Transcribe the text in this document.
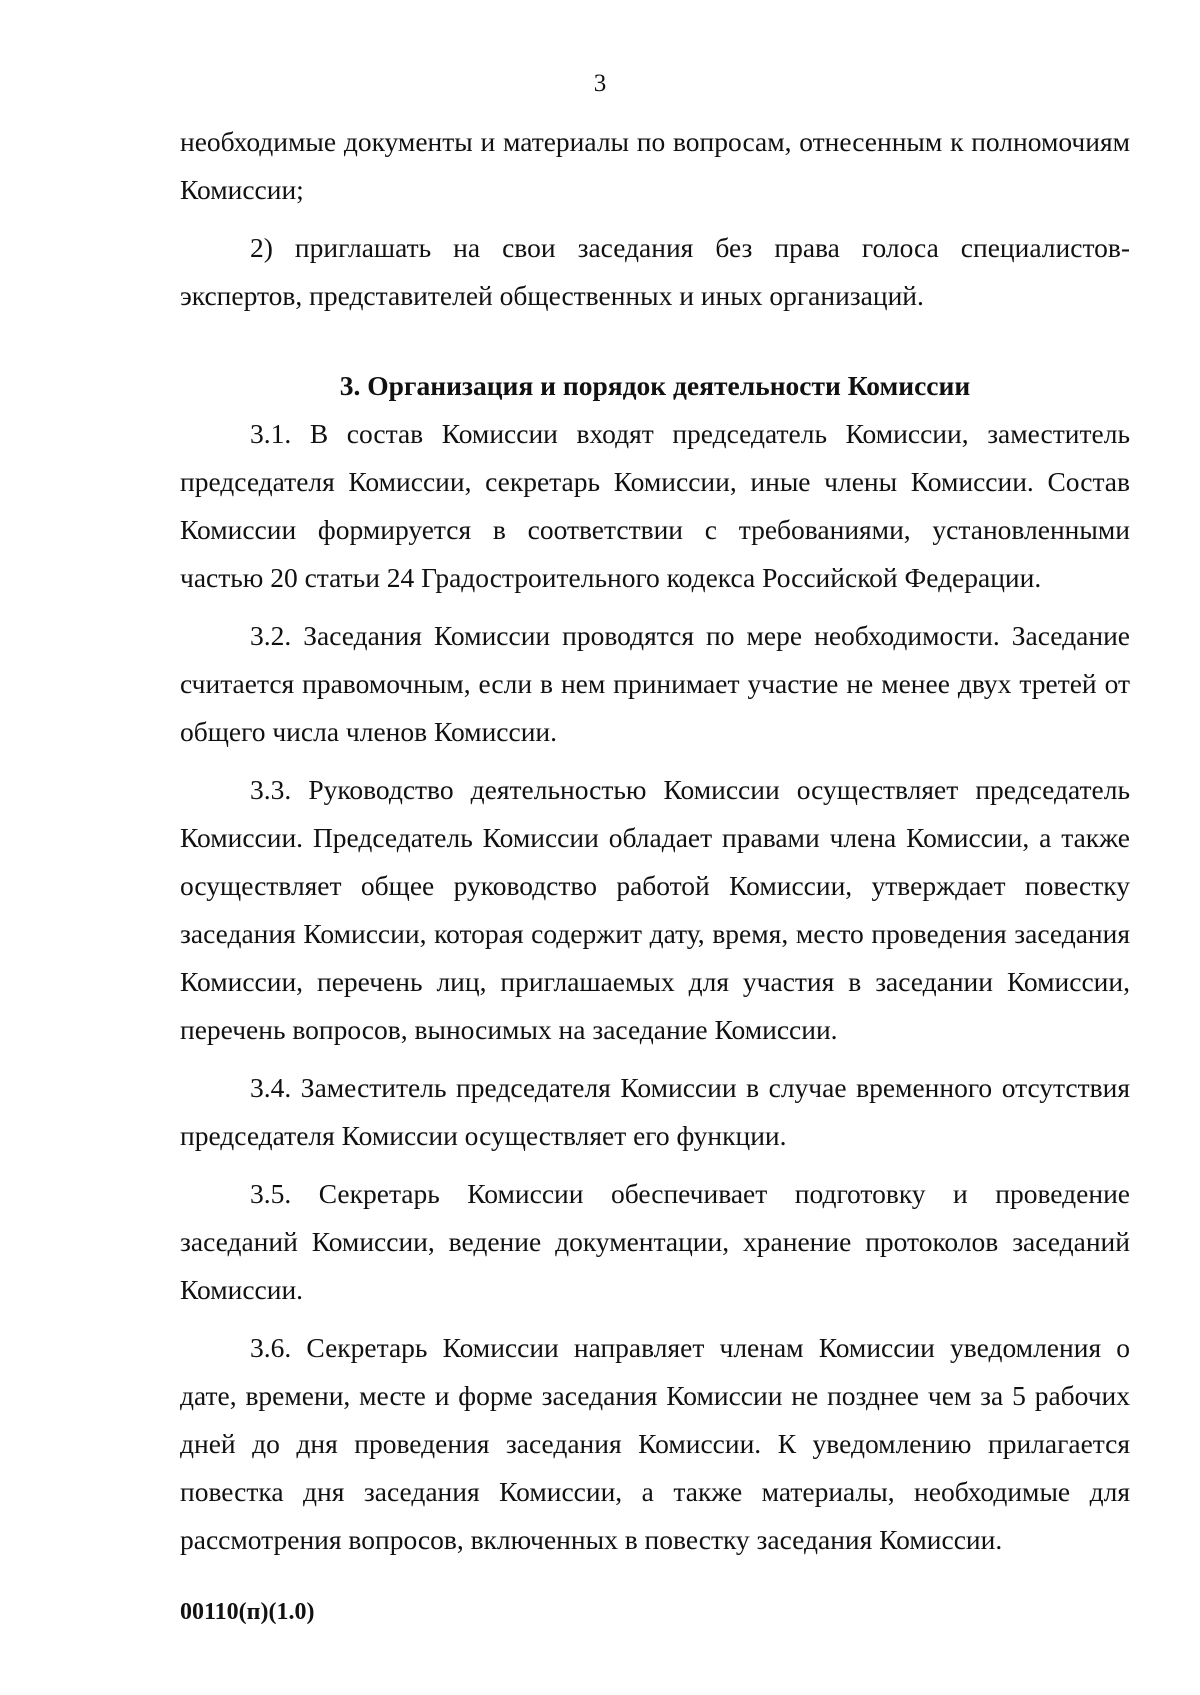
3

необходимые документы и материалы по вопросам, отнесенным к полномочиям Комиссии;

2) приглашать на свои заседания без права голоса специалистов-экспертов, представителей общественных и иных организаций.

3. Организация и порядок деятельности Комиссии

3.1. В состав Комиссии входят председатель Комиссии, заместитель председателя Комиссии, секретарь Комиссии, иные члены Комиссии. Состав Комиссии формируется в соответствии с требованиями, установленными частью 20 статьи 24 Градостроительного кодекса Российской Федерации.

3.2. Заседания Комиссии проводятся по мере необходимости. Заседание считается правомочным, если в нем принимает участие не менее двух третей от общего числа членов Комиссии.

3.3. Руководство деятельностью Комиссии осуществляет председатель Комиссии. Председатель Комиссии обладает правами члена Комиссии, а также осуществляет общее руководство работой Комиссии, утверждает повестку заседания Комиссии, которая содержит дату, время, место проведения заседания Комиссии, перечень лиц, приглашаемых для участия в заседании Комиссии, перечень вопросов, выносимых на заседание Комиссии.

3.4. Заместитель председателя Комиссии в случае временного отсутствия председателя Комиссии осуществляет его функции.

3.5. Секретарь Комиссии обеспечивает подготовку и проведение заседаний Комиссии, ведение документации, хранение протоколов заседаний Комиссии.

3.6. Секретарь Комиссии направляет членам Комиссии уведомления о дате, времени, месте и форме заседания Комиссии не позднее чем за 5 рабочих дней до дня проведения заседания Комиссии. К уведомлению прилагается повестка дня заседания Комиссии, а также материалы, необходимые для рассмотрения вопросов, включенных в повестку заседания Комиссии.

00110(п)(1.0)
